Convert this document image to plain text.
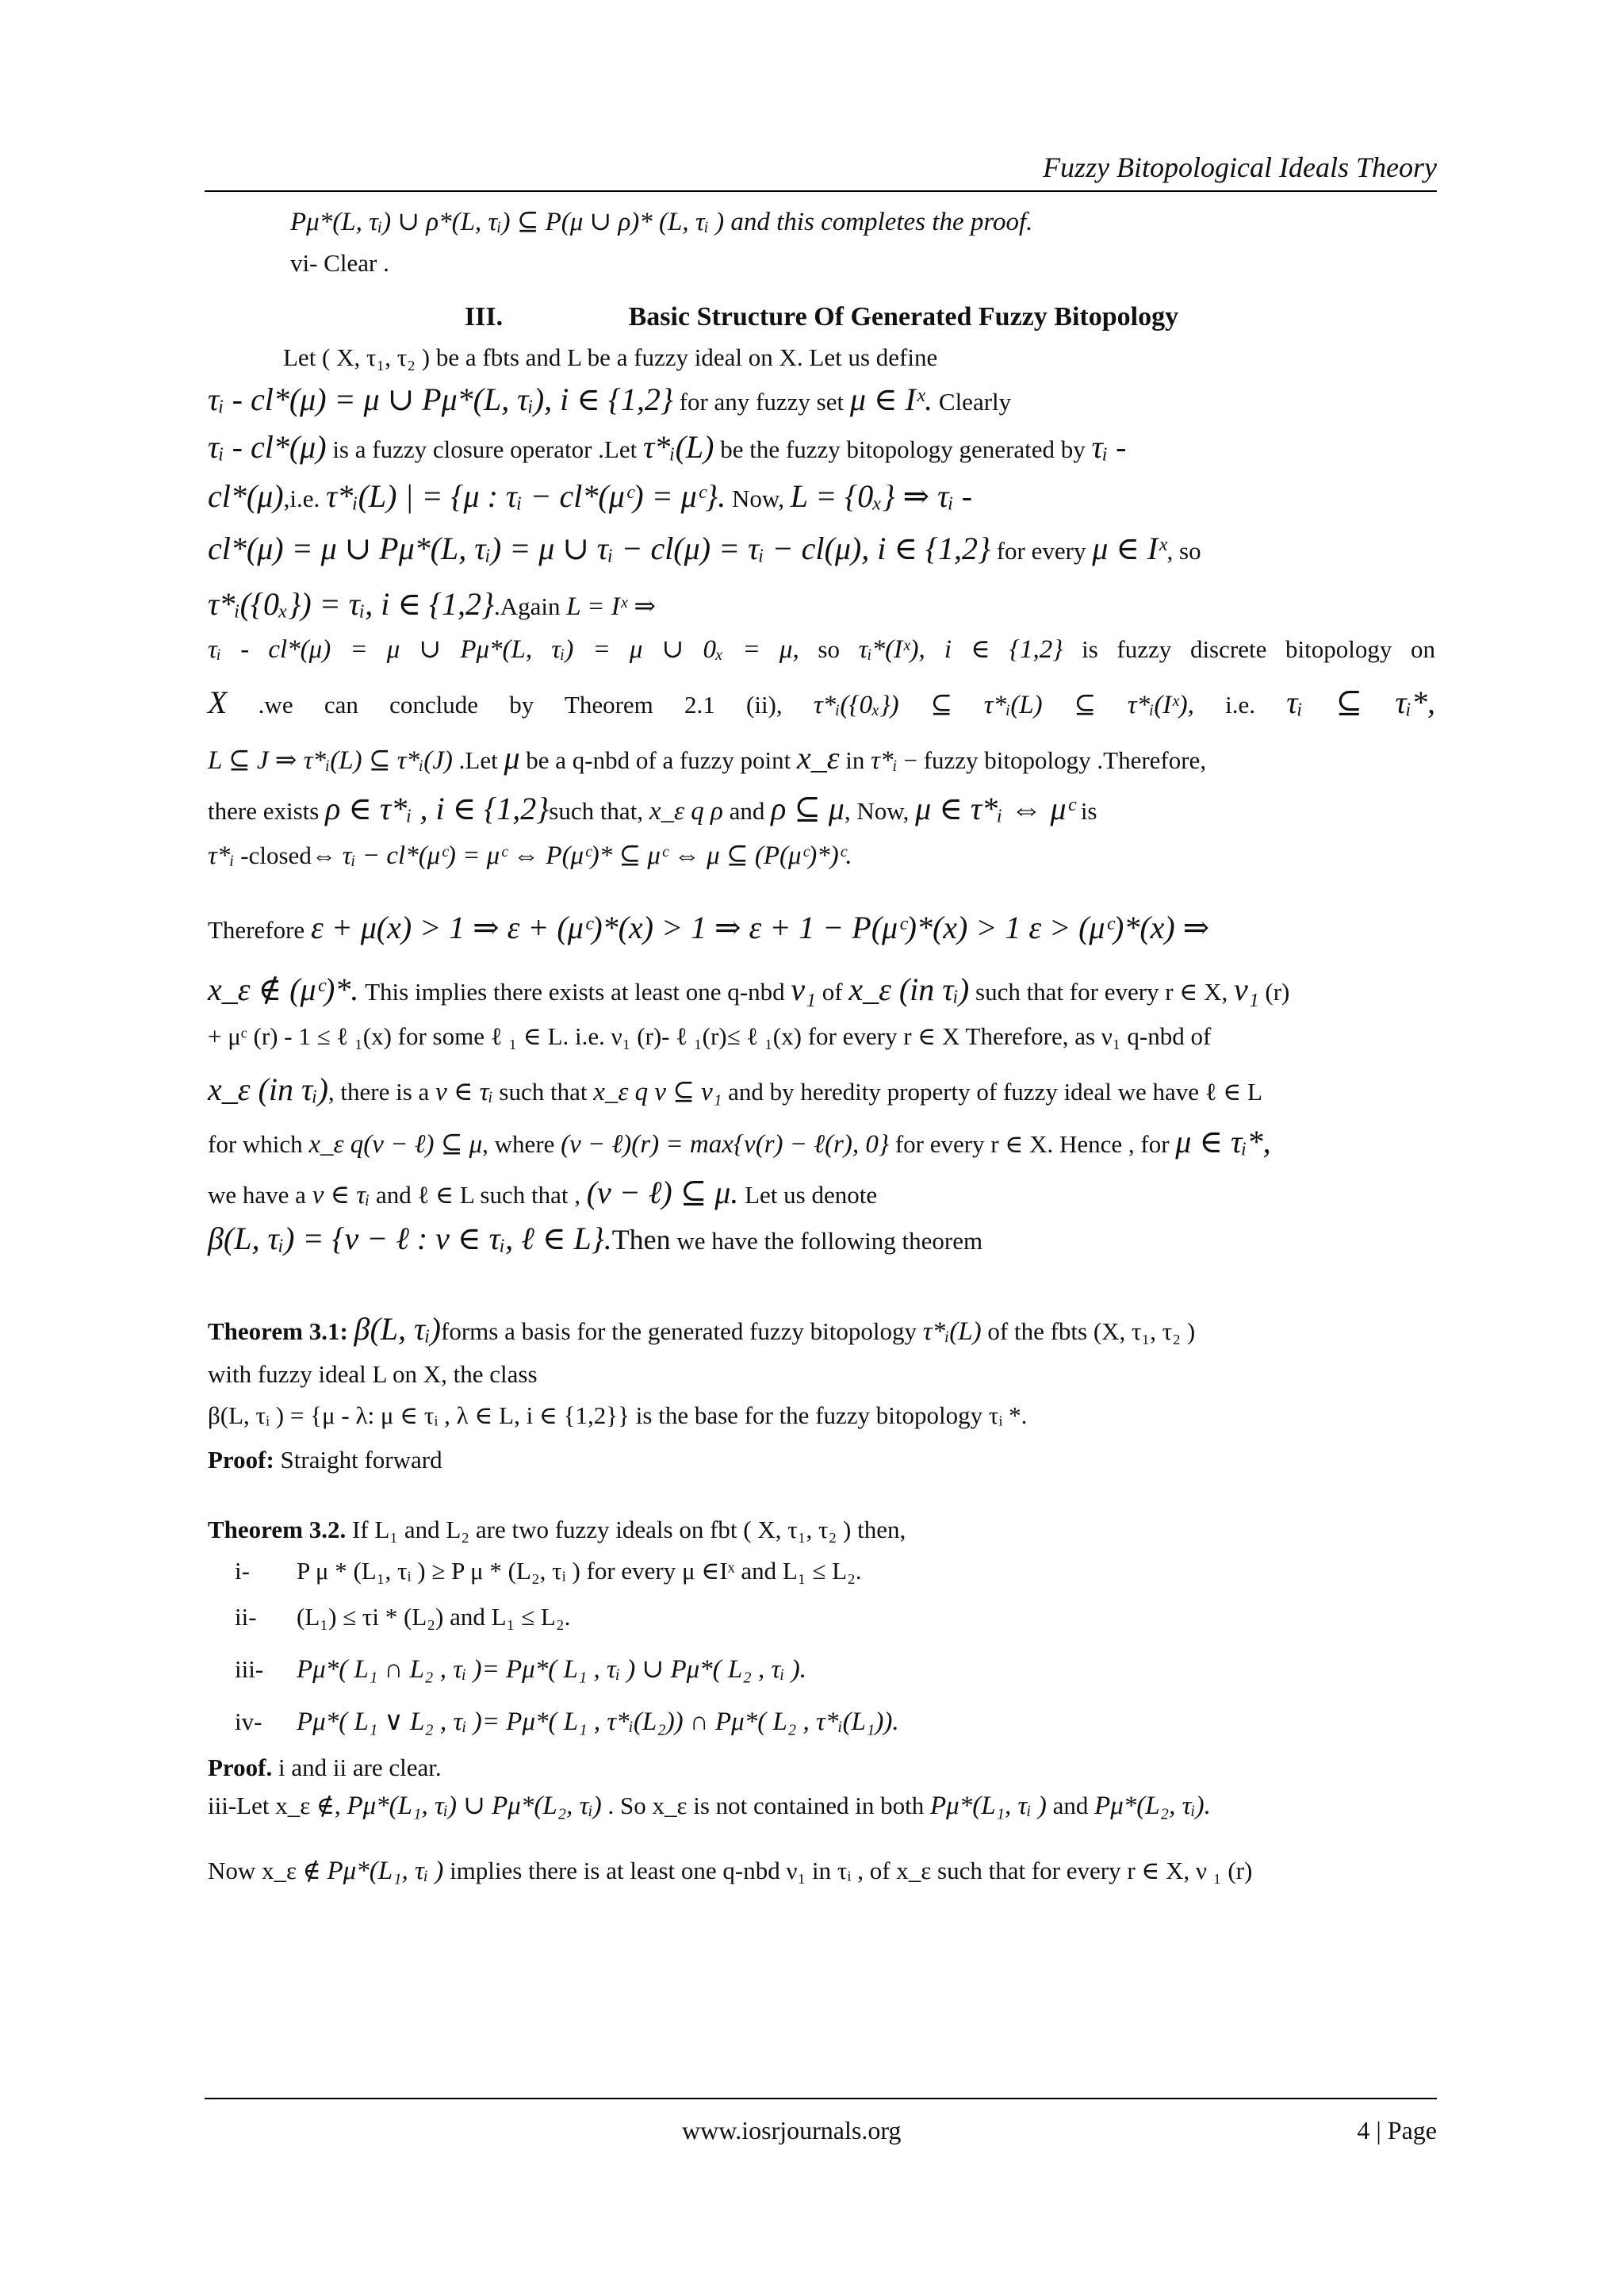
Fuzzy Bitopological Ideals Theory
Pμ*(L, τᵢ) ∪ ρ*(L, τᵢ) ⊆ P(μ ∪ ρ)* (L, τᵢ ) and this completes the proof.
vi- Clear .
III.	Basic Structure Of Generated Fuzzy Bitopology
Let ( X, τ₁, τ₂ ) be a fbts and L be a fuzzy ideal on X. Let us define
τᵢ - cl*(μ) = μ ∪ Pμ*(L, τᵢ), i ∈ {1,2} for any fuzzy set μ ∈ Iˣ. Clearly
τᵢ - cl*(μ) is a fuzzy closure operator .Let τ*ᵢ(L) be the fuzzy bitopology generated by τᵢ -
cl*(μ),i.e. τ*ᵢ(L) | = {μ : τᵢ − cl*(μᶜ) = μᶜ}. Now, L = {0ₓ} ⇒ τᵢ -
cl*(μ) = μ ∪ Pμ*(L, τᵢ) = μ ∪ τᵢ − cl(μ) = τᵢ − cl(μ), i ∈ {1,2} for every μ ∈ Iˣ, so
τ*ᵢ({0ₓ}) = τᵢ, i ∈ {1,2}.Again L = Iˣ ⇒
τᵢ - cl*(μ) = μ ∪ Pμ*(L, τᵢ) = μ ∪ 0ₓ = μ, so τᵢ*(Iˣ), i ∈ {1,2} is fuzzy discrete bitopology on
X .we can conclude by Theorem 2.1 (ii), τ*ᵢ({0ₓ}) ⊆ τ*ᵢ(L) ⊆ τ*ᵢ(Iˣ), i.e. τᵢ ⊆ τᵢ*,
L ⊆ J ⇒ τ*ᵢ(L) ⊆ τ*ᵢ(J) .Let μ be a q-nbd of a fuzzy point x_ε in τ*ᵢ − fuzzy bitopology .Therefore,
there exists ρ ∈ τ*ᵢ , i ∈ {1,2}such that, x_ε q ρ and ρ ⊆ μ, Now, μ ∈ τ*ᵢ ⇔ μᶜ is
τ*ᵢ -closed⇔ τᵢ − cl*(μᶜ) = μᶜ ⇔ P(μᶜ)* ⊆ μᶜ ⇔ μ ⊆ (P(μᶜ)*)ᶜ.
Therefore ε + μ(x) > 1 ⇒ ε + (μᶜ)*(x) > 1 ⇒ ε + 1 − P(μᶜ)*(x) > 1 ε > (μᶜ)*(x) ⇒
x_ε ∉ (μᶜ)*. This implies there exists at least one q-nbd ν₁ of x_ε (in τᵢ) such that for every r ∈ X, ν₁ (r)
+ μᶜ (r) - 1 ≤ ℓ ₁(x) for some ℓ ₁ ∈ L. i.e. ν₁ (r)- ℓ ₁(r)≤ ℓ ₁(x) for every r ∈ X Therefore, as ν₁ q-nbd of
x_ε (in τᵢ), there is a ν ∈ τᵢ such that x_ε q ν ⊆ ν₁ and by heredity property of fuzzy ideal we have ℓ ∈ L
for which x_ε q(ν − ℓ) ⊆ μ, where (ν − ℓ)(r) = max{ν(r) − ℓ(r), 0} for every r ∈ X. Hence , for μ ∈ τᵢ*,
we have a ν ∈ τᵢ and ℓ ∈ L such that , (ν − ℓ) ⊆ μ. Let us denote
β(L, τᵢ) = {ν − ℓ : ν ∈ τᵢ, ℓ ∈ L}.Then we have the following theorem
Theorem 3.1: β(L, τᵢ)forms a basis for the generated fuzzy bitopology τ*ᵢ(L) of the fbts (X, τ₁, τ₂ )
with fuzzy ideal L on X, the class
β(L, τᵢ ) = {μ - λ: μ ∈ τᵢ , λ ∈ L, i ∈ {1,2}} is the base for the fuzzy bitopology τᵢ *.
Proof: Straight forward
Theorem 3.2. If L₁ and L₂ are two fuzzy ideals on fbt ( X, τ₁, τ₂ ) then,
i-	P μ * (L₁, τᵢ ) ≥ P μ * (L₂, τᵢ ) for every μ ∈Iˣ and L₁ ≤ L₂.
ii-	(L₁) ≤ τi * (L₂) and L₁ ≤ L₂.
iii-	Pμ*( L₁ ∩ L₂ , τᵢ )= Pμ*( L₁ , τᵢ ) ∪ Pμ*( L₂ , τᵢ ).
iv-	Pμ*( L₁ ∨ L₂ , τᵢ )= Pμ*( L₁ , τ*ᵢ(L₂)) ∩ Pμ*( L₂ , τ*ᵢ(L₁)).
Proof. i and ii are clear.
iii-Let x_ε ∉, Pμ*(L₁, τᵢ) ∪ Pμ*(L₂, τᵢ) . So x_ε is not contained in both Pμ*(L₁, τᵢ ) and Pμ*(L₂, τᵢ).
Now x_ε ∉ Pμ*(L₁, τᵢ ) implies there is at least one q-nbd ν₁ in τᵢ , of x_ε such that for every r ∈ X, ν ₁ (r)
www.iosrjournals.org	4 | Page
